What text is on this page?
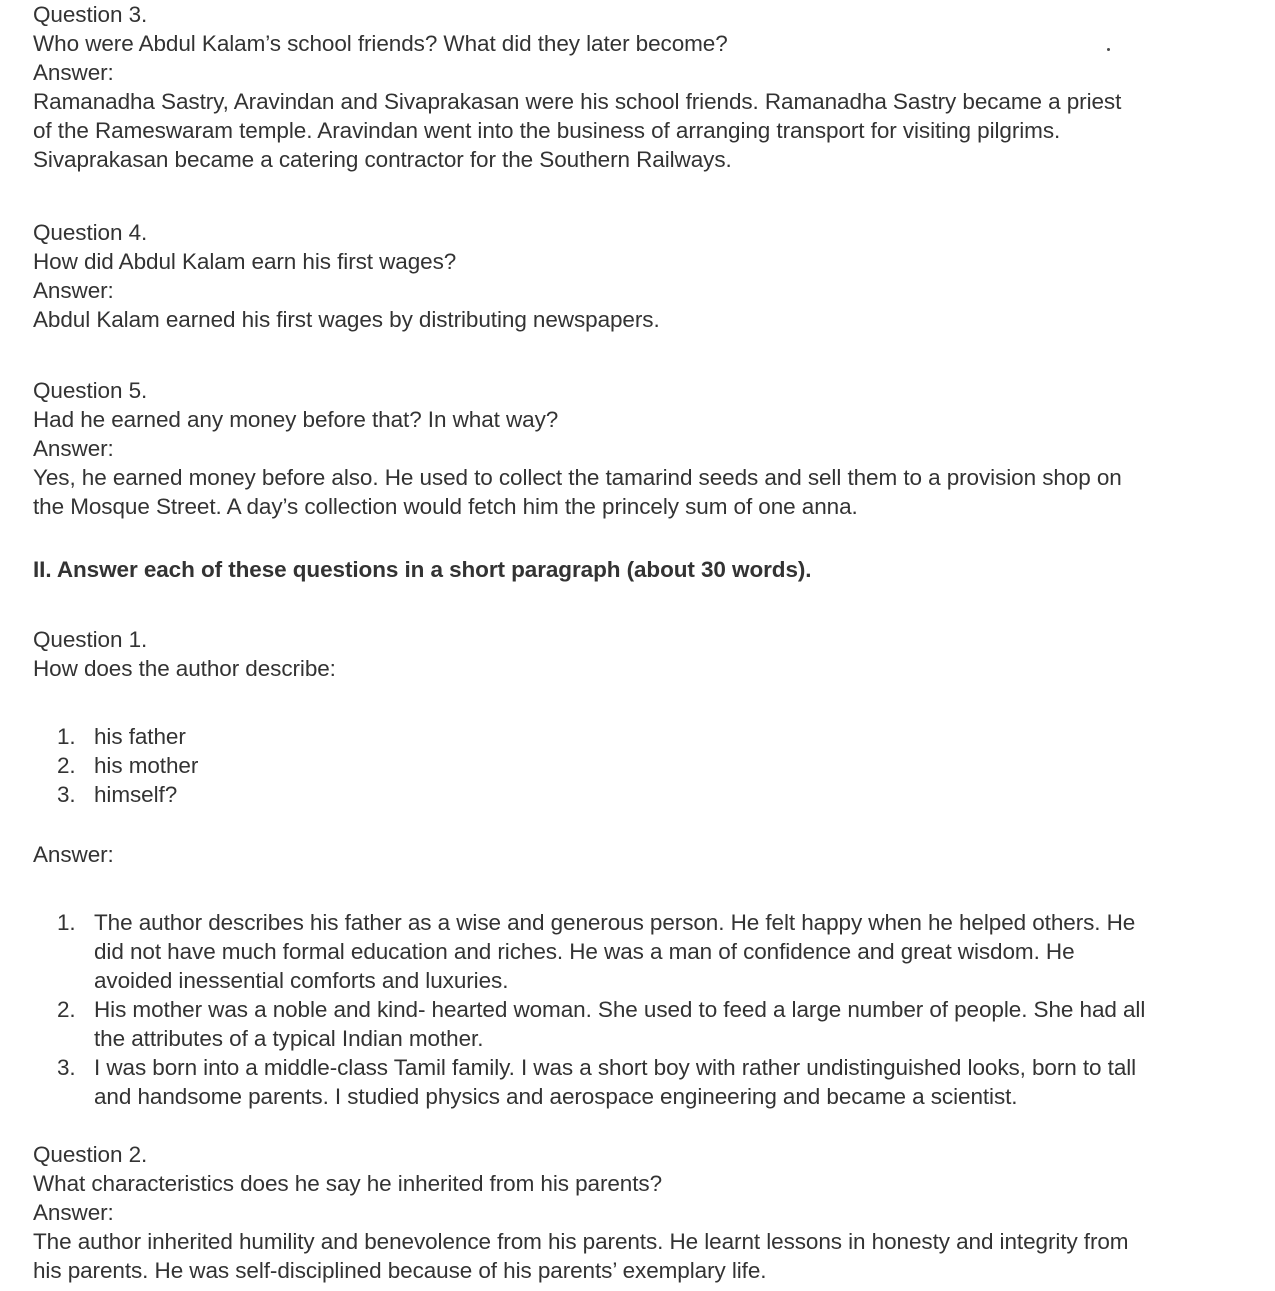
Question 3.
Who were Abdul Kalam’s school friends? What did they later become?
Answer:
Ramanadha Sastry, Aravindan and Sivaprakasan were his school friends. Ramanadha Sastry became a priest
of the Rameswaram temple. Aravindan went into the business of arranging transport for visiting pilgrims.
Sivaprakasan became a catering contractor for the Southern Railways.
Question 4.
How did Abdul Kalam earn his first wages?
Answer:
Abdul Kalam earned his first wages by distributing newspapers.
Question 5.
Had he earned any money before that? In what way?
Answer:
Yes, he earned money before also. He used to collect the tamarind seeds and sell them to a provision shop on
the Mosque Street. A day’s collection would fetch him the princely sum of one anna.
II. Answer each of these questions in a short paragraph (about 30 words).
Question 1.
How does the author describe:
1. his father
2. his mother
3. himself?
Answer:
1. The author describes his father as a wise and generous person. He felt happy when he helped others. He
did not have much formal education and riches. He was a man of confidence and great wisdom. He
avoided inessential comforts and luxuries.
2. His mother was a noble and kind- hearted woman. She used to feed a large number of people. She had all
the attributes of a typical Indian mother.
3. I was born into a middle-class Tamil family. I was a short boy with rather undistinguished looks, born to tall
and handsome parents. I studied physics and aerospace engineering and became a scientist.
Question 2.
What characteristics does he say he inherited from his parents?
Answer:
The author inherited humility and benevolence from his parents. He learnt lessons in honesty and integrity from
his parents. He was self-disciplined because of his parents’ exemplary life.
